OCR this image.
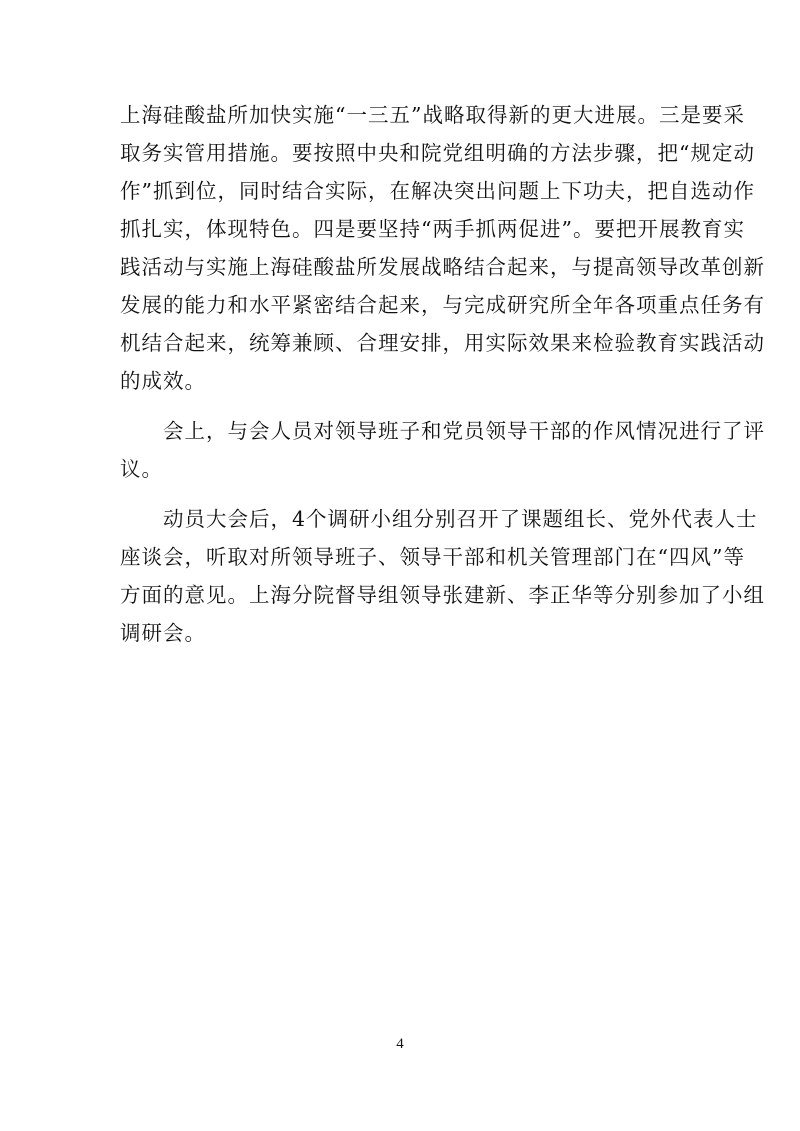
上海硅酸盐所加快实施“一三五”战略取得新的更大进展。三是要采
取务实管用措施。要按照中央和院党组明确的方法步骤，把“规定动
作”抓到位，同时结合实际，在解决突出问题上下功夫，把自选动作
抓扎实，体现特色。四是要坚持“两手抓两促进”。要把开展教育实
践活动与实施上海硅酸盐所发展战略结合起来，与提高领导改革创新
发展的能力和水平紧密结合起来，与完成研究所全年各项重点任务有
机结合起来，统筹兼顾、合理安排，用实际效果来检验教育实践活动
的成效。
　　会上，与会人员对领导班子和党员领导干部的作风情况进行了评
议。
　　动员大会后，4个调研小组分别召开了课题组长、党外代表人士
座谈会，听取对所领导班子、领导干部和机关管理部门在“四风”等
方面的意见。上海分院督导组领导张建新、李正华等分别参加了小组
调研会。
4
